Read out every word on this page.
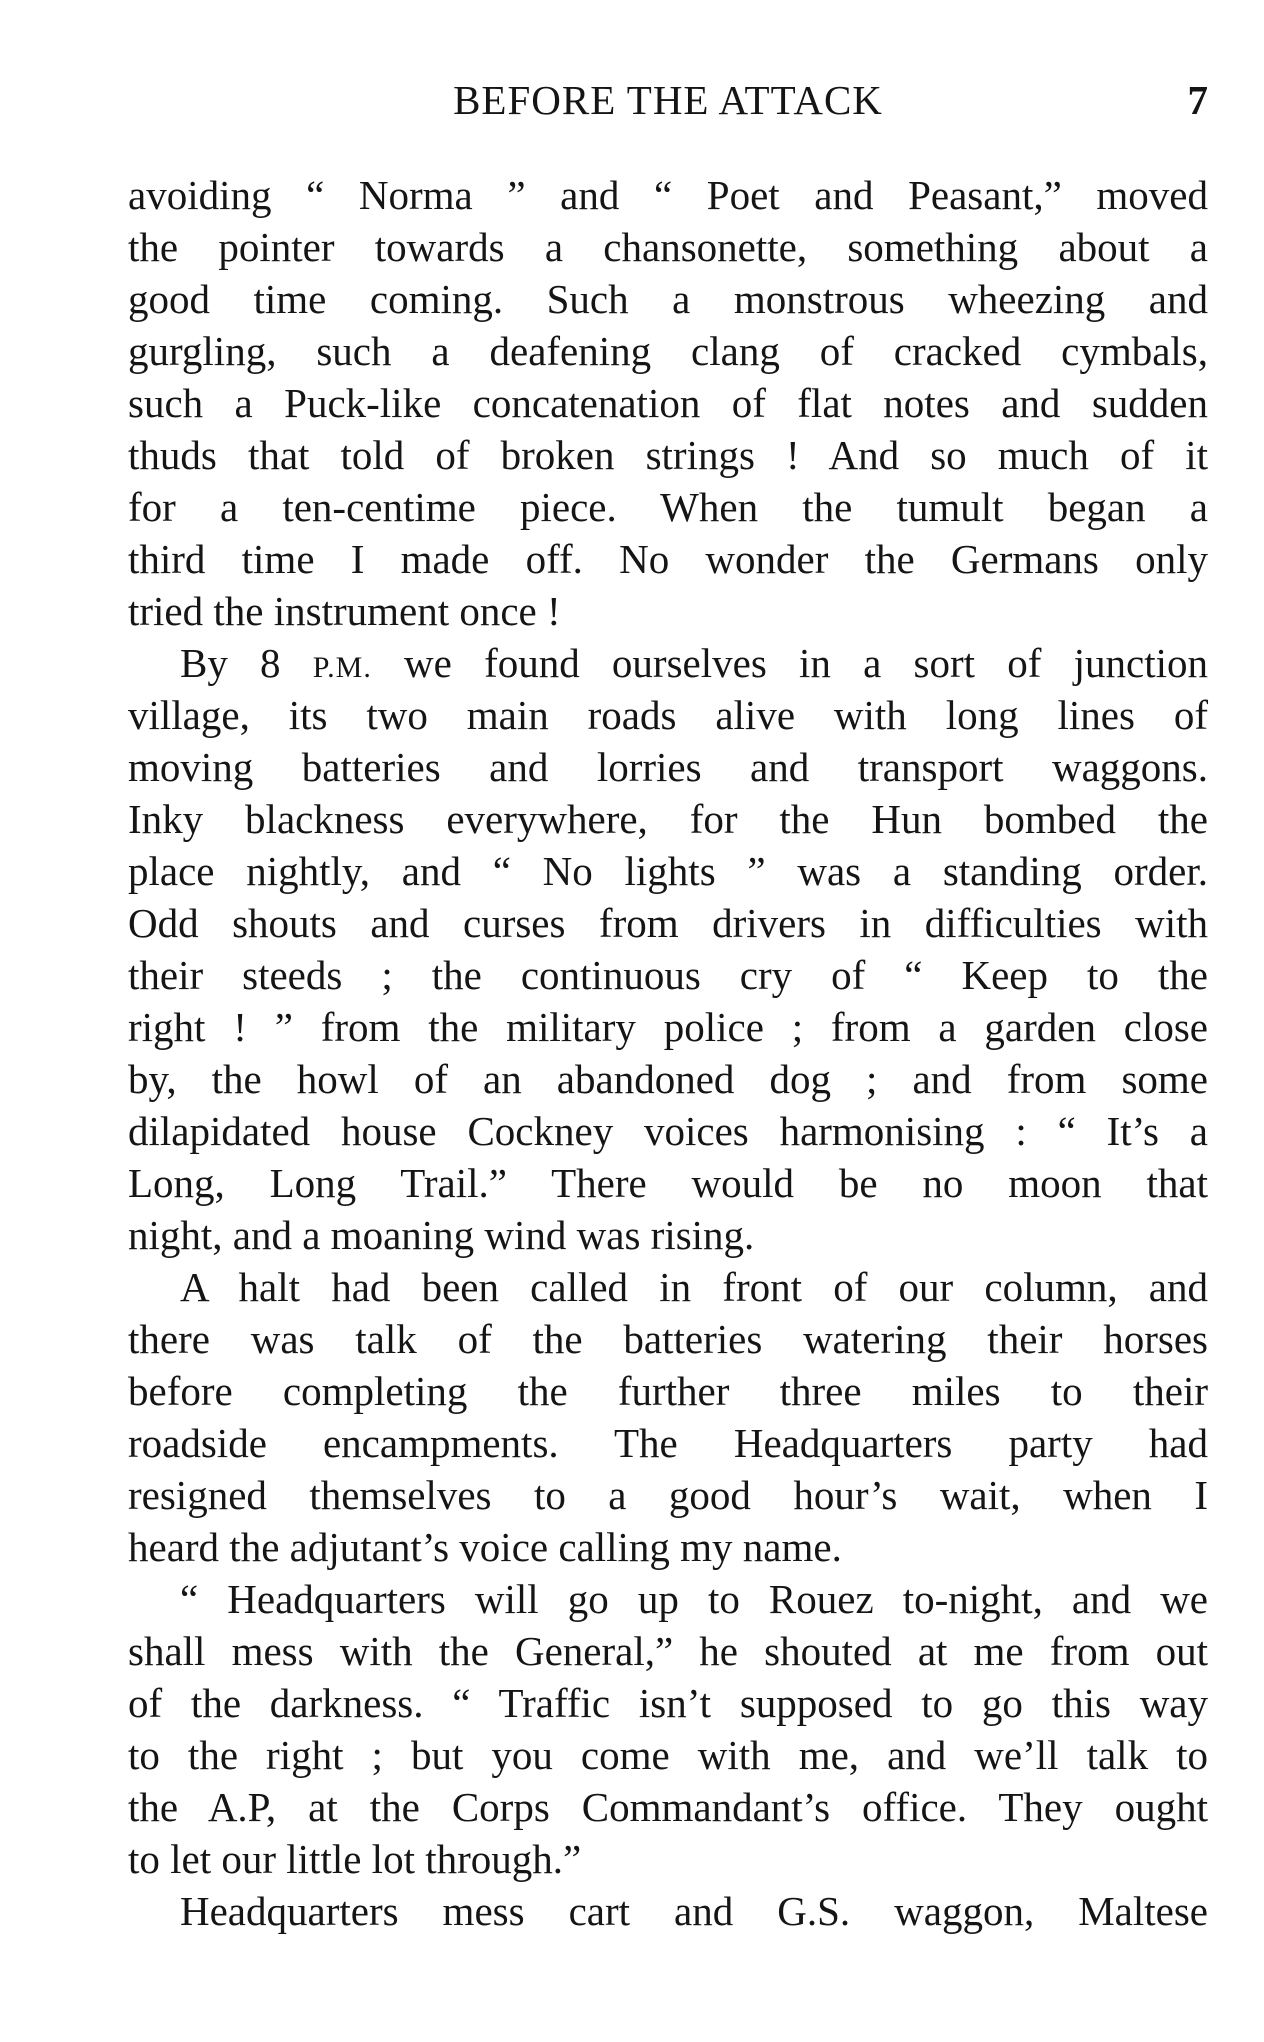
BEFORE THE ATTACK	7
avoiding “ Norma ” and “ Poet and Peasant,” moved
the pointer towards a chansonette, something about a
good time coming. Such a monstrous wheezing and
gurgling, such a deafening clang of cracked cymbals,
such a Puck-like concatenation of flat notes and sudden
thuds that told of broken strings ! And so much of it
for a ten-centime piece. When the tumult began a
third time I made off. No wonder the Germans only
tried the instrument once !
By 8 P.M. we found ourselves in a sort of junction
village, its two main roads alive with long lines of
moving batteries and lorries and transport waggons.
Inky blackness everywhere, for the Hun bombed the
place nightly, and “ No lights ” was a standing order.
Odd shouts and curses from drivers in difficulties with
their steeds ; the continuous cry of “ Keep to the
right ! ” from the military police ; from a garden close
by, the howl of an abandoned dog ; and from some
dilapidated house Cockney voices harmonising : “ It’s a
Long, Long Trail.” There would be no moon that
night, and a moaning wind was rising.
A halt had been called in front of our column, and
there was talk of the batteries watering their horses
before completing the further three miles to their
roadside encampments. The Headquarters party had
resigned themselves to a good hour’s wait, when I
heard the adjutant’s voice calling my name.
“ Headquarters will go up to Rouez to-night, and we
shall mess with the General,” he shouted at me from out
of the darkness. “ Traffic isn’t supposed to go this way
to the right ; but you come with me, and we’ll talk to
the A.P, at the Corps Commandant’s office. They ought
to let our little lot through.”
Headquarters mess cart and G.S. waggon, Maltese
